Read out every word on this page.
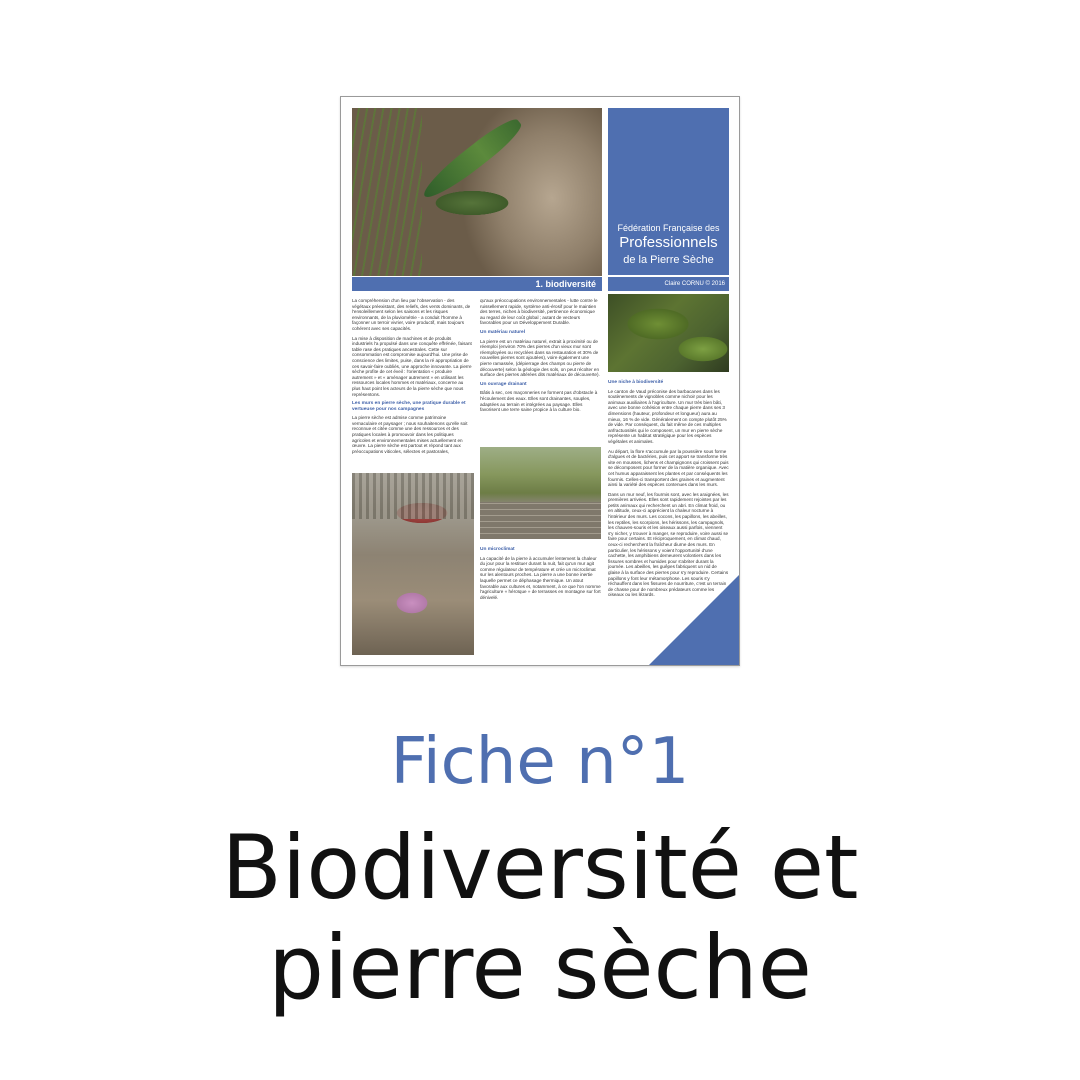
Fédération Française des
Professionnels
de la Pierre Sèche
1. biodiversité	Claire CORNU © 2016

La compréhension d'un lieu par l'observation - des végétaux préexistant, des reliefs, des vents dominants, de l'ensoleillement selon les saisons et les risques environnants, de la pluviométrie - a conduit l'homme à façonner un terroir vivrier, voire productif, mais toujours cohérent avec ses capacités.

La mise à disposition de machines et de produits industriels l'a propulsé dans une conquête effrénée, faisant table rase des pratiques ancestrales. Cette sur consommation est compromise aujourd'hui. Une prise de conscience des limites, puise, dans la ré appropriation de ces savoir-faire oubliés, une approche innovante. La pierre sèche profite de cet éveil : l'orientation « produire autrement » et « aménager autrement » en utilisant les ressources locales hommes et matériaux, concerne au plus haut point les acteurs de la pierre sèche que nous représentons.

Les murs en pierre sèche, une pratique durable et vertueuse pour nos campagnes

La pierre sèche est admise comme patrimoine vernaculaire et paysager ; nous souhaitenons qu'elle soit reconnue et citée comme une des ressources et des pratiques locales à promouvoir dans les politiques agricoles et environnementales mises actuellement en œuvre. La pierre sèche est partout et répond tant aux préoccupations viticoles, sélectes et pastorales,

qu'aux préoccupations environnementales - lutte contre le ruissellement rapide, système anti-érosif pour le maintien des terres, niches à biodiversité, pertinence économique au regard de leur coût global ; autant de vecteurs favorables pour un Développement Durable.

Un matériau naturel

La pierre est un matériau naturel, extrait à proximité ou de réemploi (environ 70% des pierres d'un vieux mur sont réemployées ou recyclées dans sa restauration et 30% de nouvelles pierres sont ajoutées), voire également une pierre ramassée, (dépierrage des champs ou pierre de découverte) selon la géologie des sols, on peut récolter en surface des pierres altérées dits matériaux de découverte).

Un ouvrage drainant

Bâtis à sec, ces maçonneries ne forment pas d'obstacle à l'écoulement des eaux. Elles sont drainantes, souples, adaptées au terrain et intégrées au paysage. Elles favorisent une terre saine propice à la culture bio.

Un microclimat

La capacité de la pierre à accumuler lentement la chaleur du jour pour la restituer durant la nuit, fait qu'un mur agit comme régulateur de température et crée un microclimat sur les alentours proches. La pierre a une bonne inertie laquelle permet ce déphasage thermique. Un atout favorable aux cultures et, notamment, à ce que l'on nomme l'agriculture « héroïque » de terrasses en montagne sur fort dénivelé.

Une niche à biodiversité

Le canton de Vaud préconise des barbacanes dans les soutènements de vignobles comme nichoir pour les animaux auxiliaires à l'agriculture. Un mur très bien bâti, avec une bonne cohésion entre chaque pierre dans ses 3 dimensions (hauteur, profondeur et longueur) aura au mieux, 16 % de vide. Généralement on compte plutôt 25% de vide. Par conséquent, du fait même de ces multiples anfractuosités qui le composent, un mur en pierre sèche représente un habitat stratégique pour les espèces végétales et animales.

Au départ, la flore s'accumule par la poussière sous forme d'algues et de bactéries, puis cet apport se transforme très vite en mousses, lichens et champignons qui croissent puis se décomposent pour former de la matière organique. Avec cet humus apparaissent les plantes et par conséquents les fourmis. Celles-ci transportent des graines et augmentent ainsi la variété des espèces contenues dans les murs.

Dans un mur neuf, les fourmis sont, avec les araignées, les premières arrivées. Elles sont rapidement rejointes par les petits animaux qui recherchent un abri. En climat froid, ou en altitude, ceux-ci apprécient la chaleur nocturne à l'intérieur des murs. Les cocons, les papillons, les abeilles, les reptiles, les scorpions, les hérissons, les campagnols, les chauves-souris et les oiseaux aussi parfois, viennent s'y nicher, y trouver à manger, se reproduire, voire aussi se faire pour certains. Et réciproquement, en climat chaud, ceux-ci recherchent la fraîcheur diurne des murs. En particulier, les hérissons y voient l'opportunité d'une cachette, les amphibiens demeurent volontiers dans les fissures sombres et humides pour s'abriter durant la journée. Les abeilles, les guêpes fabriquent un nid de glaise à la surface des pierres pour s'y reproduire. Certains papillons y font leur métamorphose. Les souris s'y réchauffent dans les fissures de nourriture, c'est un terrain de chasse pour de nombreux prédateurs comme les oiseaux ou les lézards.

Fiche n°1
Biodiversité et
pierre sèche
